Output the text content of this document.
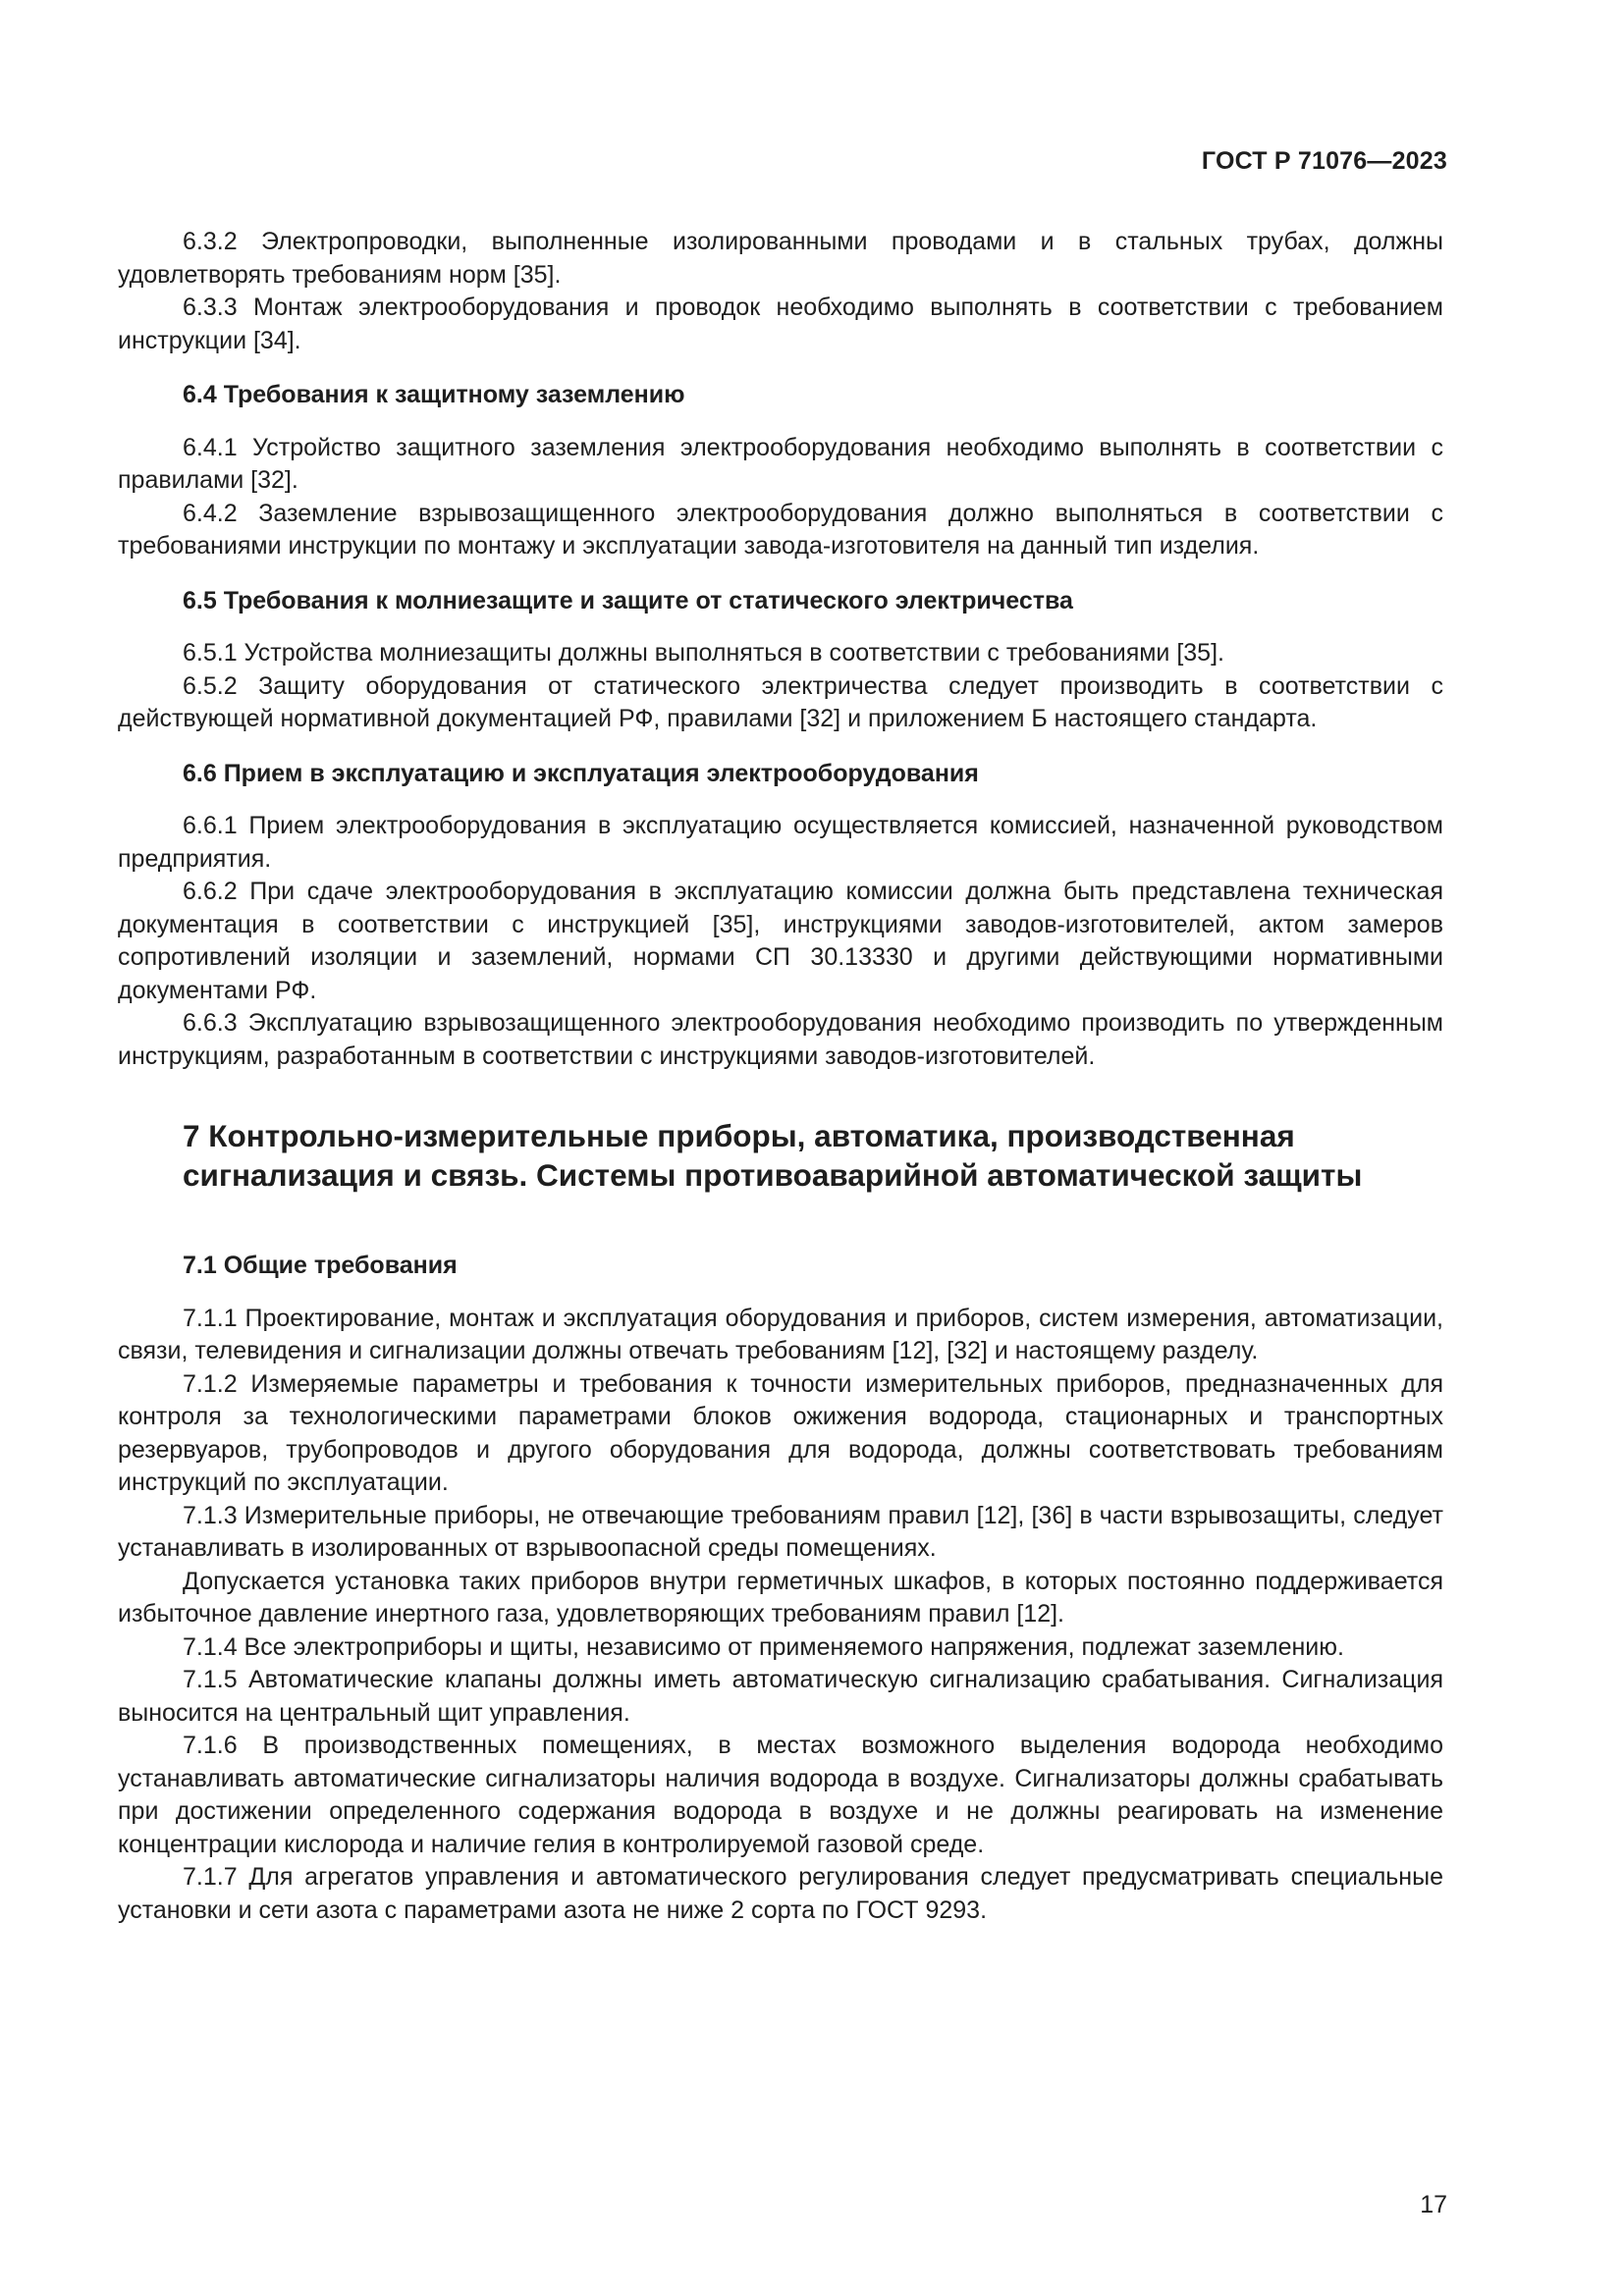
ГОСТ Р 71076—2023

6.3.2 Электропроводки, выполненные изолированными проводами и в стальных трубах, должны удовлетворять требованиям норм [35].

6.3.3 Монтаж электрооборудования и проводок необходимо выполнять в соответствии с требованием инструкции [34].

6.4 Требования к защитному заземлению

6.4.1 Устройство защитного заземления электрооборудования необходимо выполнять в соответствии с правилами [32].

6.4.2 Заземление взрывозащищенного электрооборудования должно выполняться в соответствии с требованиями инструкции по монтажу и эксплуатации завода-изготовителя на данный тип изделия.

6.5 Требования к молниезащите и защите от статического электричества

6.5.1 Устройства молниезащиты должны выполняться в соответствии с требованиями [35].

6.5.2 Защиту оборудования от статического электричества следует производить в соответствии с действующей нормативной документацией РФ, правилами [32] и приложением Б настоящего стандарта.

6.6 Прием в эксплуатацию и эксплуатация электрооборудования

6.6.1 Прием электрооборудования в эксплуатацию осуществляется комиссией, назначенной руководством предприятия.

6.6.2 При сдаче электрооборудования в эксплуатацию комиссии должна быть представлена техническая документация в соответствии с инструкцией [35], инструкциями заводов-изготовителей, актом замеров сопротивлений изоляции и заземлений, нормами СП 30.13330 и другими действующими нормативными документами РФ.

6.6.3 Эксплуатацию взрывозащищенного электрооборудования необходимо производить по утвержденным инструкциям, разработанным в соответствии с инструкциями заводов-изготовителей.

7 Контрольно-измерительные приборы, автоматика, производственная сигнализация и связь. Системы противоаварийной автоматической защиты
7.1 Общие требования

7.1.1 Проектирование, монтаж и эксплуатация оборудования и приборов, систем измерения, автоматизации, связи, телевидения и сигнализации должны отвечать требованиям [12], [32] и настоящему разделу.

7.1.2 Измеряемые параметры и требования к точности измерительных приборов, предназначенных для контроля за технологическими параметрами блоков ожижения водорода, стационарных и транспортных резервуаров, трубопроводов и другого оборудования для водорода, должны соответствовать требованиям инструкций по эксплуатации.

7.1.3 Измерительные приборы, не отвечающие требованиям правил [12], [36] в части взрывозащиты, следует устанавливать в изолированных от взрывоопасной среды помещениях.

Допускается установка таких приборов внутри герметичных шкафов, в которых постоянно поддерживается избыточное давление инертного газа, удовлетворяющих требованиям правил [12].

7.1.4 Все электроприборы и щиты, независимо от применяемого напряжения, подлежат заземлению.

7.1.5 Автоматические клапаны должны иметь автоматическую сигнализацию срабатывания. Сигнализация выносится на центральный щит управления.

7.1.6 В производственных помещениях, в местах возможного выделения водорода необходимо устанавливать автоматические сигнализаторы наличия водорода в воздухе. Сигнализаторы должны срабатывать при достижении определенного содержания водорода в воздухе и не должны реагировать на изменение концентрации кислорода и наличие гелия в контролируемой газовой среде.

7.1.7 Для агрегатов управления и автоматического регулирования следует предусматривать специальные установки и сети азота с параметрами азота не ниже 2 сорта по ГОСТ 9293.

17
